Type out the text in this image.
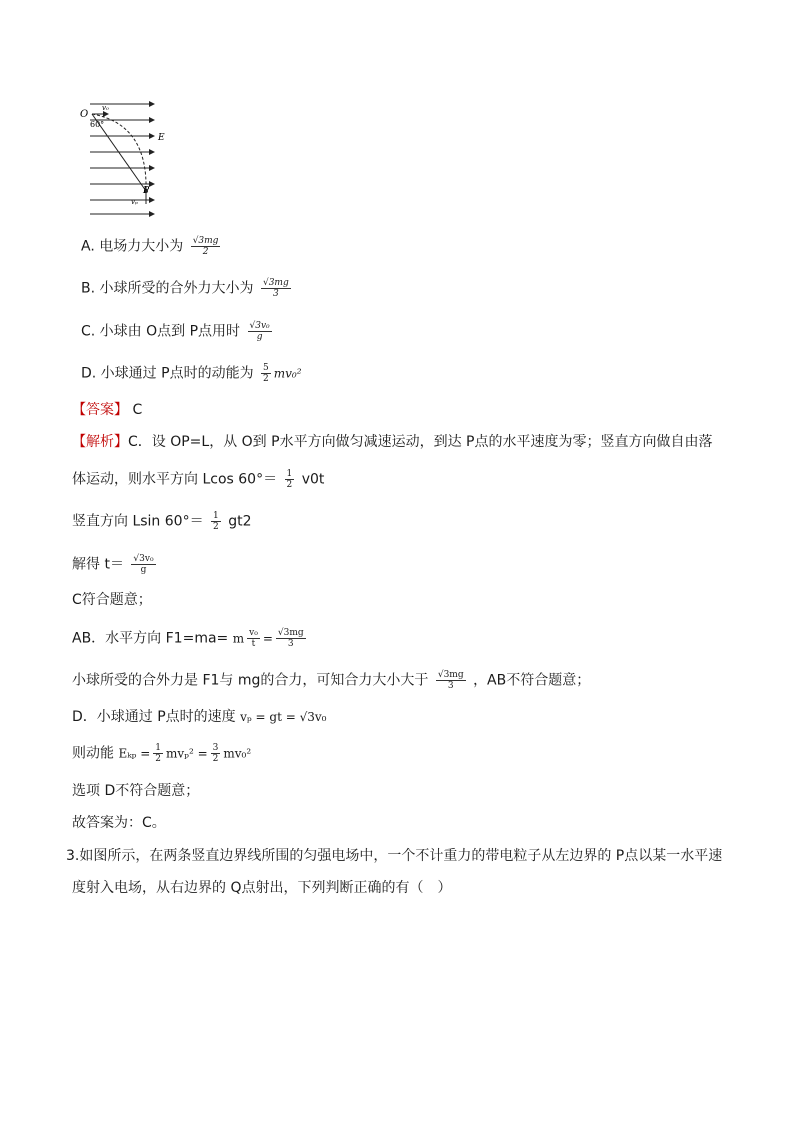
O
v₀
60°
E
P
vₚ
A. 电场力大小为 $\frac{√3mg}{2}$
B. 小球所受的合外力大小为 $\frac{√3mg}{3}$
C. 小球由 O点到 P点用时 $\frac{\text{√3v₀}}{g}$
D. 小球通过 P点时的动能为 $\frac{5}{2} mv_0^2$
【答案】 C
【解析】C．设 OP=L，从 O到 P水平方向做匀减速运动，到达 P点的水平速度为零；竖直方向做自由落
体运动，则水平方向 Lcos $60^\circ= \frac{1}{2} v0t$
竖直方向 Lsin $60^\circ= \frac{1}{2} gt2$
解得 $t= \frac{\text{√3v₀}}{g}$
C符合题意；
AB．水平方向 F1=ma= m $\frac{\text{v₀}}{t} = \frac{√3mg}{3}$
小球所受的合外力是 F1与 mg的合力，可知合力大小大于 $\frac{√3mg}{3}$ ，AB不符合题意；
D．小球通过 P点时的速度 vₚ = gt = √3v₀
则动能 $E_{kp} = \frac{1}{2} mv_p^2 = \frac{3}{2} mv_0^2$
选项 D不符合题意；
故答案为：C。
3.如图所示，在两条竖直边界线所围的匀强电场中，一个不计重力的带电粒子从左边界的 P点以某一水平速
度射入电场，从右边界的 Q点射出，下列判断正确的有（　）
